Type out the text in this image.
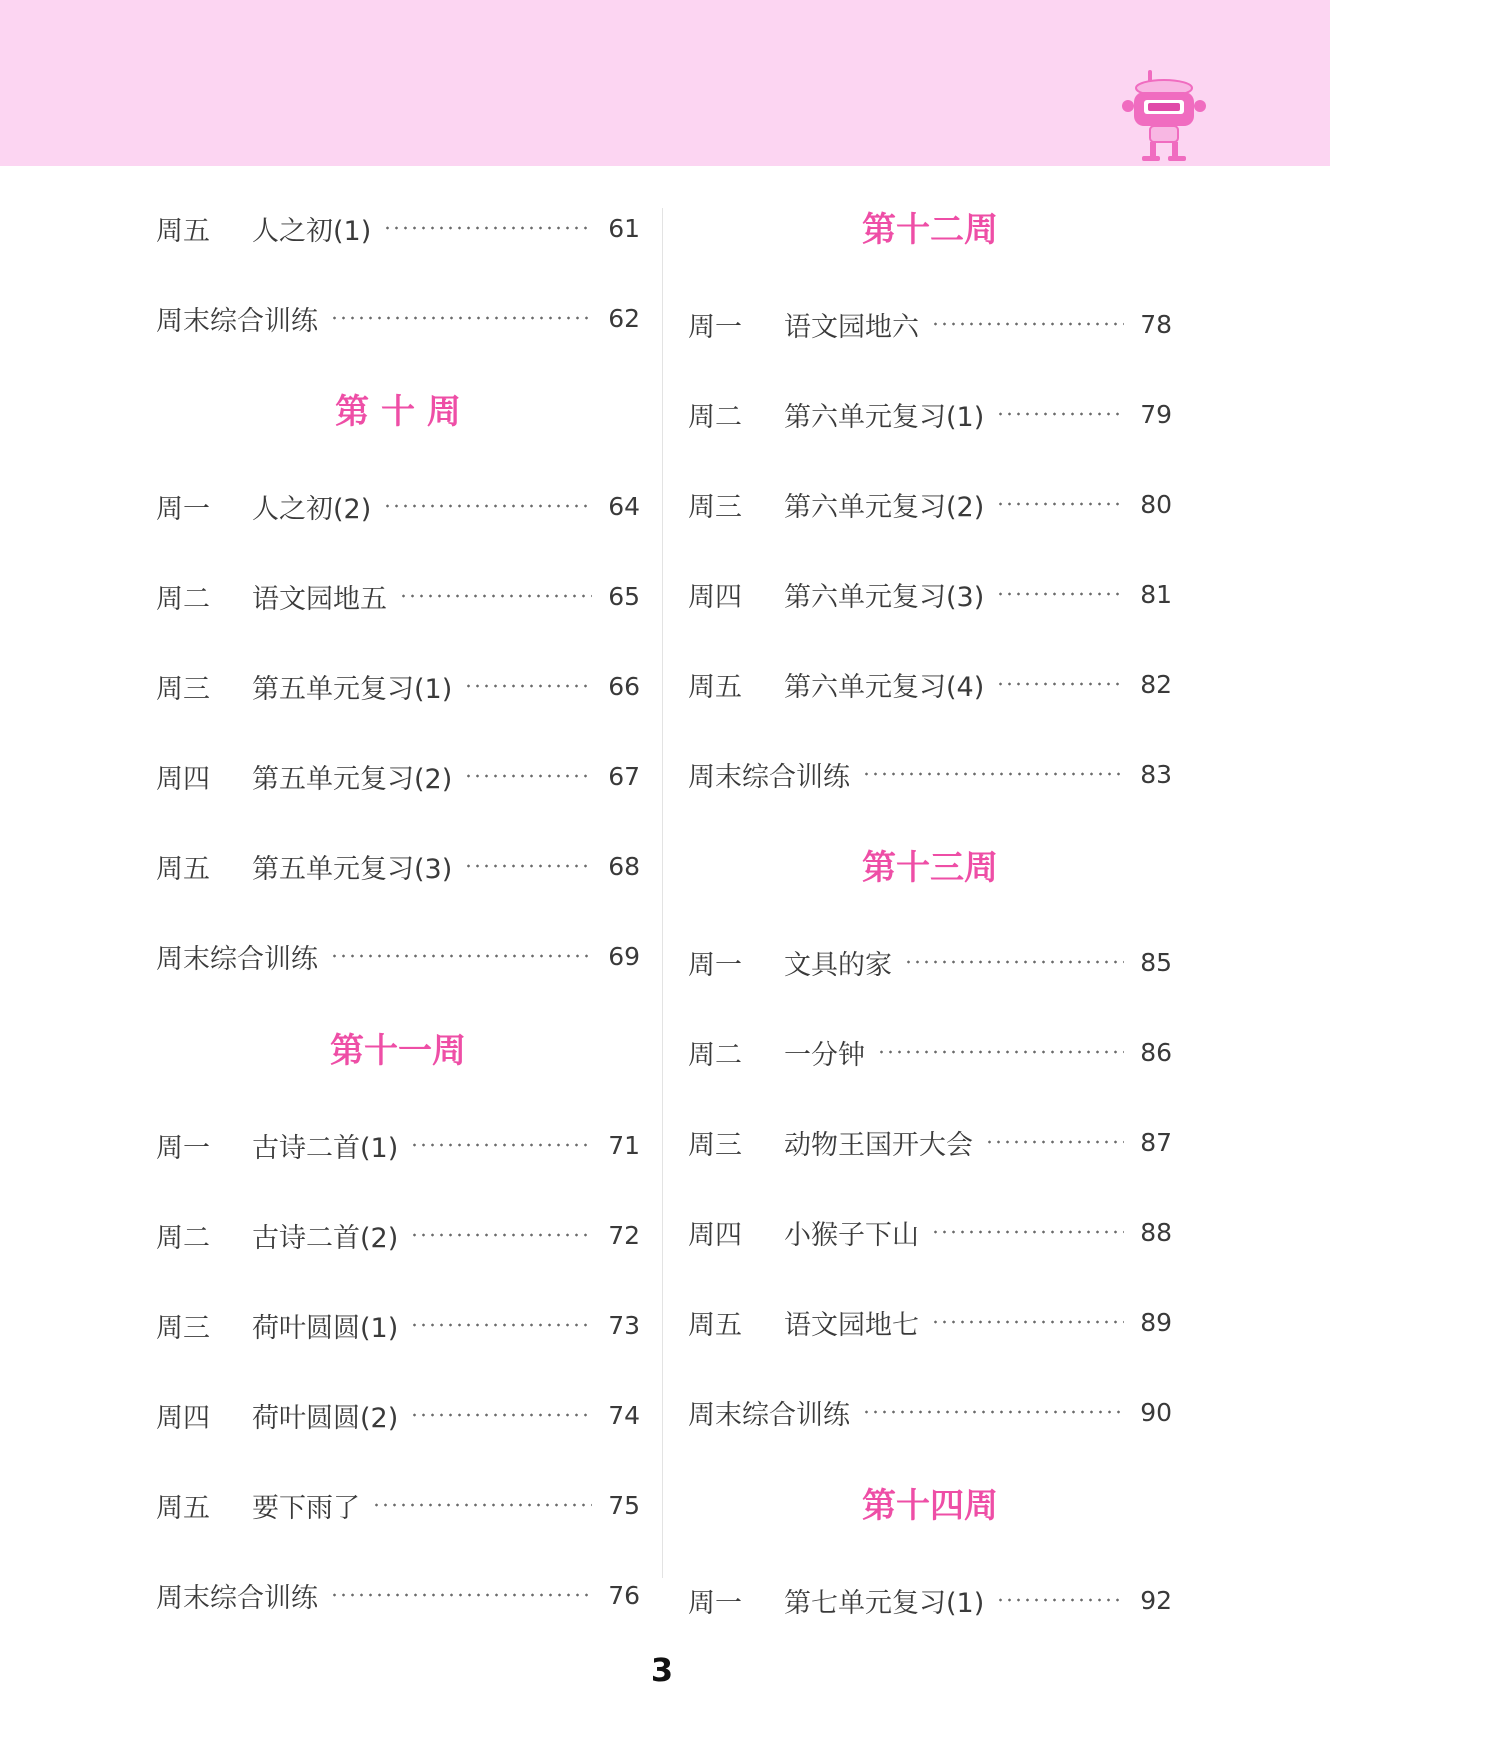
周五	人之初(1)	61
周末综合训练	62
第 十 周
周一	人之初(2)	64
周二	语文园地五	65
周三	第五单元复习(1)	66
周四	第五单元复习(2)	67
周五	第五单元复习(3)	68
周末综合训练	69
第十一周
周一	古诗二首(1)	71
周二	古诗二首(2)	72
周三	荷叶圆圆(1)	73
周四	荷叶圆圆(2)	74
周五	要下雨了	75
周末综合训练	76
第十二周
周一	语文园地六	78
周二	第六单元复习(1)	79
周三	第六单元复习(2)	80
周四	第六单元复习(3)	81
周五	第六单元复习(4)	82
周末综合训练	83
第十三周
周一	文具的家	85
周二	一分钟	86
周三	动物王国开大会	87
周四	小猴子下山	88
周五	语文园地七	89
周末综合训练	90
第十四周
周一	第七单元复习(1)	92
3
